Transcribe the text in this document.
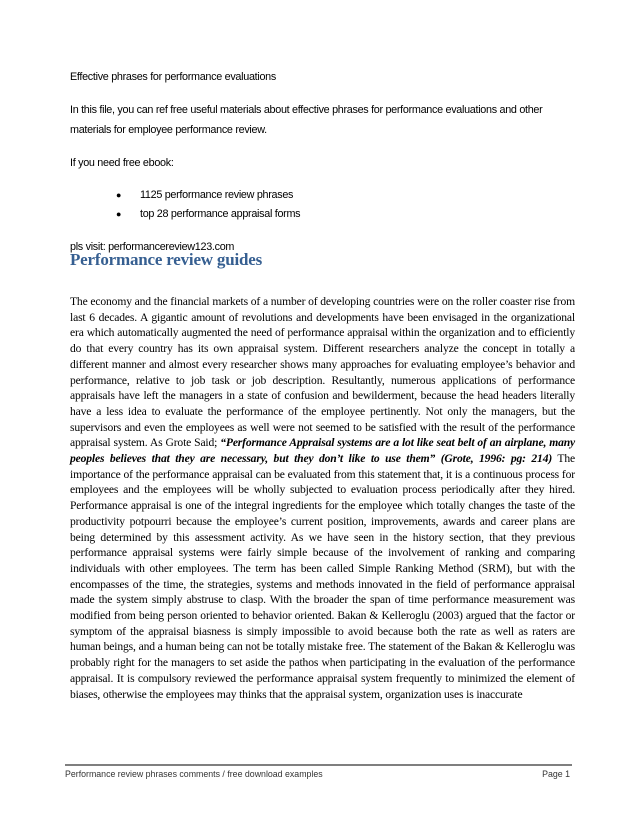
Effective phrases for performance evaluations

In this file, you can ref free useful materials about effective phrases for performance evaluations and other materials for employee performance review.

If you need free ebook:

● 1125 performance review phrases
● top 28 performance appraisal forms

pls visit: performancereview123.com

Performance review guides

The economy and the financial markets of a number of developing countries were on the roller coaster rise from last 6 decades. A gigantic amount of revolutions and developments have been envisaged in the organizational era which automatically augmented the need of performance appraisal within the organization and to efficiently do that every country has its own appraisal system. Different researchers analyze the concept in totally a different manner and almost every researcher shows many approaches for evaluating employee’s behavior and performance, relative to job task or job description. Resultantly, numerous applications of performance appraisals have left the managers in a state of confusion and bewilderment, because the head headers literally have a less idea to evaluate the performance of the employee pertinently. Not only the managers, but the supervisors and even the employees as well were not seemed to be satisfied with the result of the performance appraisal system. As Grote Said; “Performance Appraisal systems are a lot like seat belt of an airplane, many peoples believes that they are necessary, but they don’t like to use them” (Grote, 1996: pg: 214) The importance of the performance appraisal can be evaluated from this statement that, it is a continuous process for employees and the employees will be wholly subjected to evaluation process periodically after they hired. Performance appraisal is one of the integral ingredients for the employee which totally changes the taste of the productivity potpourri because the employee’s current position, improvements, awards and career plans are being determined by this assessment activity. As we have seen in the history section, that they previous performance appraisal systems were fairly simple because of the involvement of ranking and comparing individuals with other employees. The term has been called Simple Ranking Method (SRM), but with the encompasses of the time, the strategies, systems and methods innovated in the field of performance appraisal made the system simply abstruse to clasp. With the broader the span of time performance measurement was modified from being person oriented to behavior oriented. Bakan & Kelleroglu (2003) argued that the factor or symptom of the appraisal biasness is simply impossible to avoid because both the rate as well as raters are human beings, and a human being can not be totally mistake free. The statement of the Bakan & Kelleroglu was probably right for the managers to set aside the pathos when participating in the evaluation of the performance appraisal. It is compulsory reviewed the performance appraisal system frequently to minimized the element of biases, otherwise the employees may thinks that the appraisal system, organization uses is inaccurate

Performance review phrases comments / free download examples	Page 1
